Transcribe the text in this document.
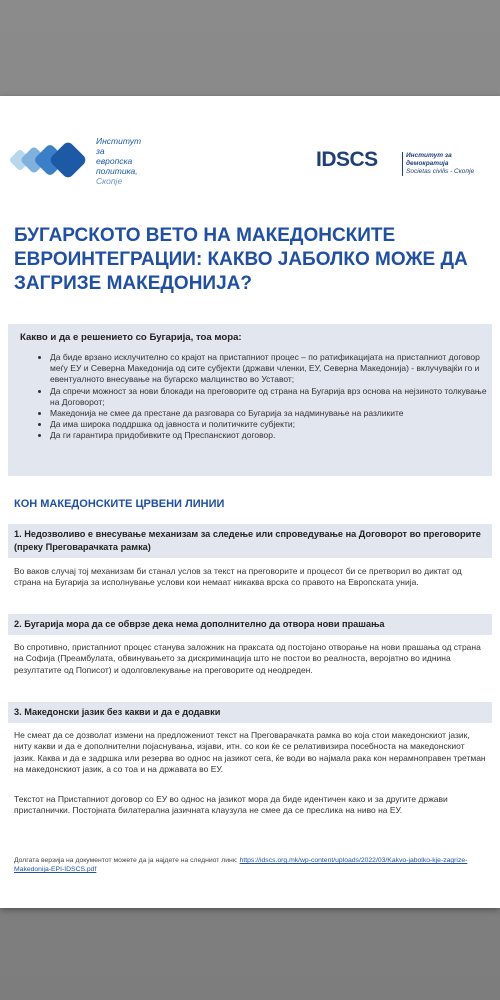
Институт
за
европска
политика,
Скопје
IDSCS	Институт за демократија
Societas civilis - Скопје
БУГАРСКОТО ВЕТО НА МАКЕДОНСКИТЕ ЕВРОИНТЕГРАЦИИ: КАКВО ЈАБОЛКО МОЖЕ ДА ЗАГРИЗЕ МАКЕДОНИЈА?
Какво и да е решението со Бугарија, тоа мора:
• Да биде врзано исклучително со крајот на пристапниот процес – по ратификацијата на пристапниот договор меѓу ЕУ и Северна Македонија од сите субјекти (држави членки, ЕУ, Северна Македонија) - вклучувајќи го и евентуалното внесување на бугарско малцинство во Уставот;
• Да спречи можност за нови блокади на преговорите од страна на Бугарија врз основа на нејзиното толкување на Договорот;
• Македонија не смее да престане да разговара со Бугарија за надминување на разликите
• Да има широка поддршка од јавноста и политичките субјекти;
• Да ги гарантира придобивките од Преспанскиот договор.
КОН МАКЕДОНСКИТЕ ЦРВЕНИ ЛИНИИ
1. Недозволиво е внесување механизам за следење или спроведување на Договорот во преговорите (преку Преговарачката рамка)
Во ваков случај тој механизам би станал услов за текст на преговорите и процесот би се претворил во диктат од страна на Бугарија за исполнување услови кои немаат никаква врска со правото на Европската унија.
2. Бугарија мора да се обврзе дека нема дополнително да отвора нови прашања
Во спротивно, пристапниот процес станува заложник на праксата од постојано отворање на нови прашања од страна на Софија (Преамбулата, обвинувањето за дискриминација што не постои во реалноста, веројатно во иднина резултатите од Пописот) и одолговлекување на преговорите од неодреден.
3. Македонски јазик без какви и да е додавки
Не смеат да се дозволат измени на предложениот текст на Преговарачката рамка во која стои македонскиот јазик, ниту какви и да е дополнителни појаснувања, изјави, итн. со кои ќе се релативизира посебноста на македонскиот јазик. Каква и да е задршка или резерва во однос на јазикот сега, ќе води во најмала рака кон нерамноправен третман на македонскиот јазик, а со тоа и на државата во ЕУ.
Текстот на Пристапниот договор со ЕУ во однос на јазикот мора да биде идентичен како и за другите држави пристапнички. Постојната билатерална јазичната клаузула не смее да се преслика на ниво на ЕУ.
Долгата верзија на документот можете да ја најдете на следниот линк: https://idscs.org.mk/wp-content/uploads/2022/03/Kakvo-jabolko-kje-zagrize-Makedonija-EPI-IDSCS.pdf
